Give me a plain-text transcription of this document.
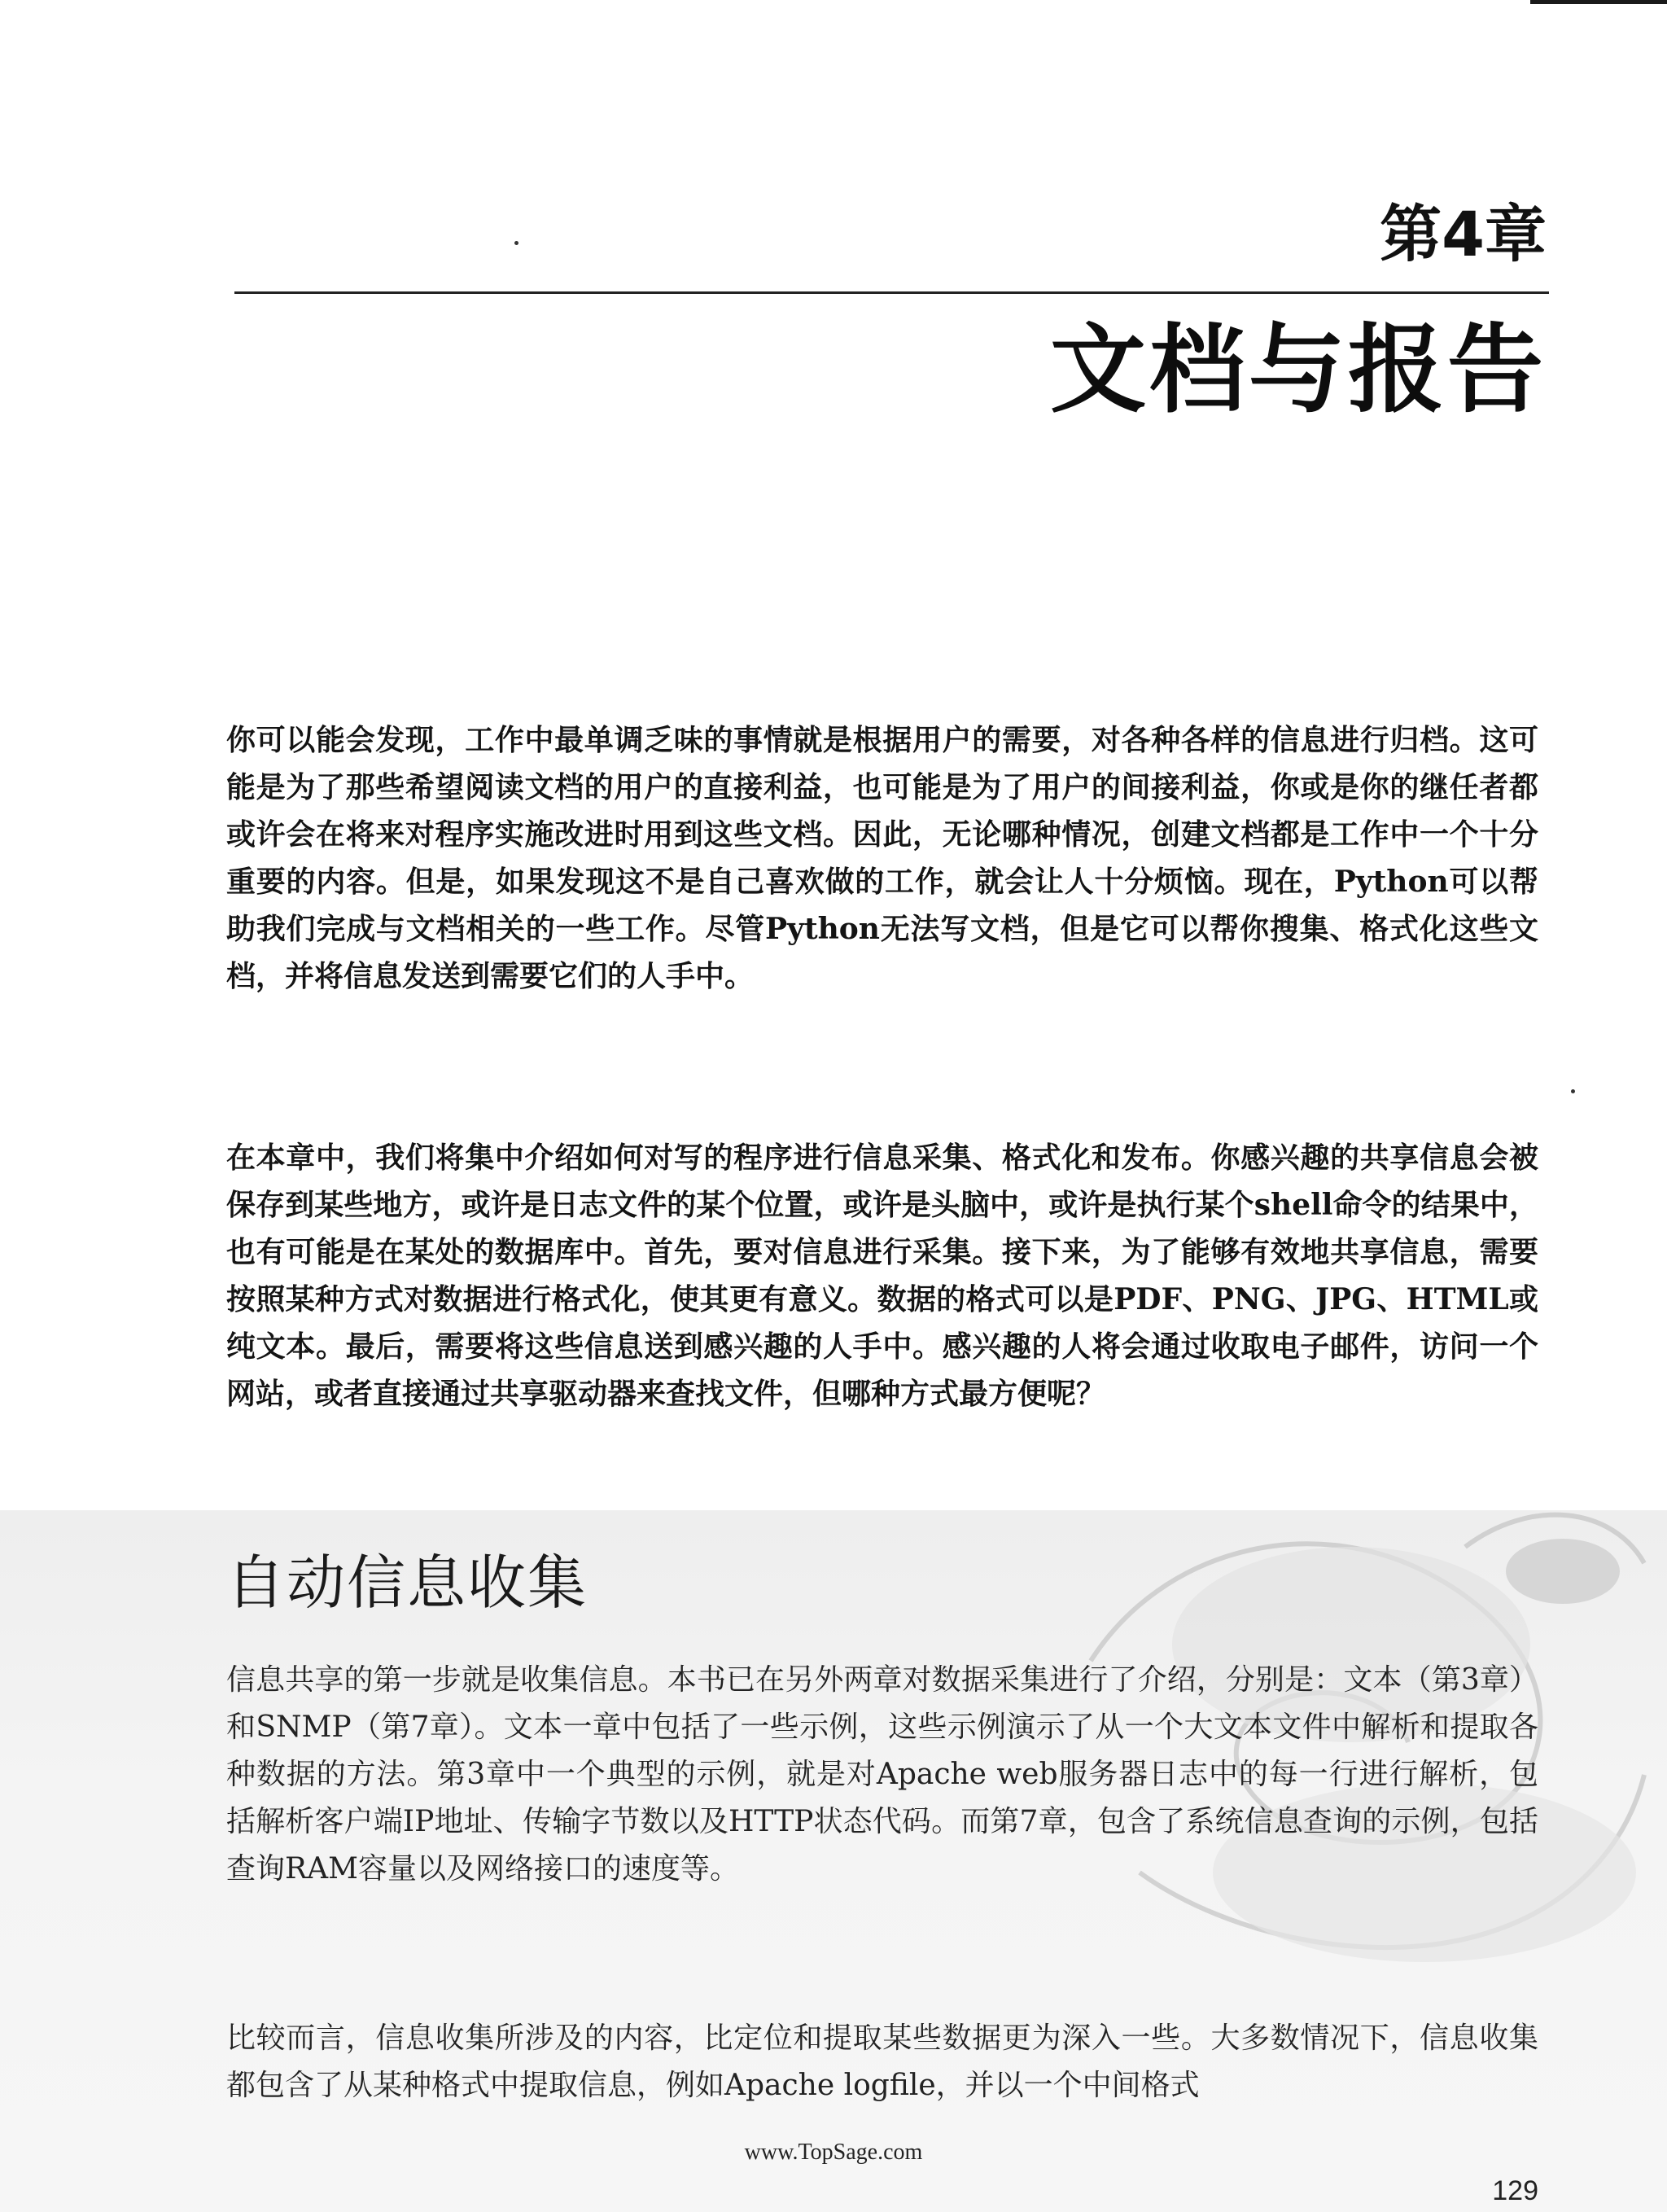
第4章
文档与报告

你可以能会发现，工作中最单调乏味的事情就是根据用户的需要，对各种各样的信息进行归档。这可能是为了那些希望阅读文档的用户的直接利益，也可能是为了用户的间接利益，你或是你的继任者都或许会在将来对程序实施改进时用到这些文档。因此，无论哪种情况，创建文档都是工作中一个十分重要的内容。但是，如果发现这不是自己喜欢做的工作，就会让人十分烦恼。现在，Python可以帮助我们完成与文档相关的一些工作。尽管Python无法写文档，但是它可以帮你搜集、格式化这些文档，并将信息发送到需要它们的人手中。

在本章中，我们将集中介绍如何对写的程序进行信息采集、格式化和发布。你感兴趣的共享信息会被保存到某些地方，或许是日志文件的某个位置，或许是头脑中，或许是执行某个shell命令的结果中，也有可能是在某处的数据库中。首先，要对信息进行采集。接下来，为了能够有效地共享信息，需要按照某种方式对数据进行格式化，使其更有意义。数据的格式可以是PDF、PNG、JPG、HTML或纯文本。最后，需要将这些信息送到感兴趣的人手中。感兴趣的人将会通过收取电子邮件，访问一个网站，或者直接通过共享驱动器来查找文件，但哪种方式最方便呢？

自动信息收集

信息共享的第一步就是收集信息。本书已在另外两章对数据采集进行了介绍，分别是：文本（第3章）和SNMP（第7章）。文本一章中包括了一些示例，这些示例演示了从一个大文本文件中解析和提取各种数据的方法。第3章中一个典型的示例，就是对Apache web服务器日志中的每一行进行解析，包括解析客户端IP地址、传输字节数以及HTTP状态代码。而第7章，包含了系统信息查询的示例，包括查询RAM容量以及网络接口的速度等。

比较而言，信息收集所涉及的内容，比定位和提取某些数据更为深入一些。大多数情况下，信息收集都包含了从某种格式中提取信息，例如Apache logfile，并以一个中间格式

www.TopSage.com
129
